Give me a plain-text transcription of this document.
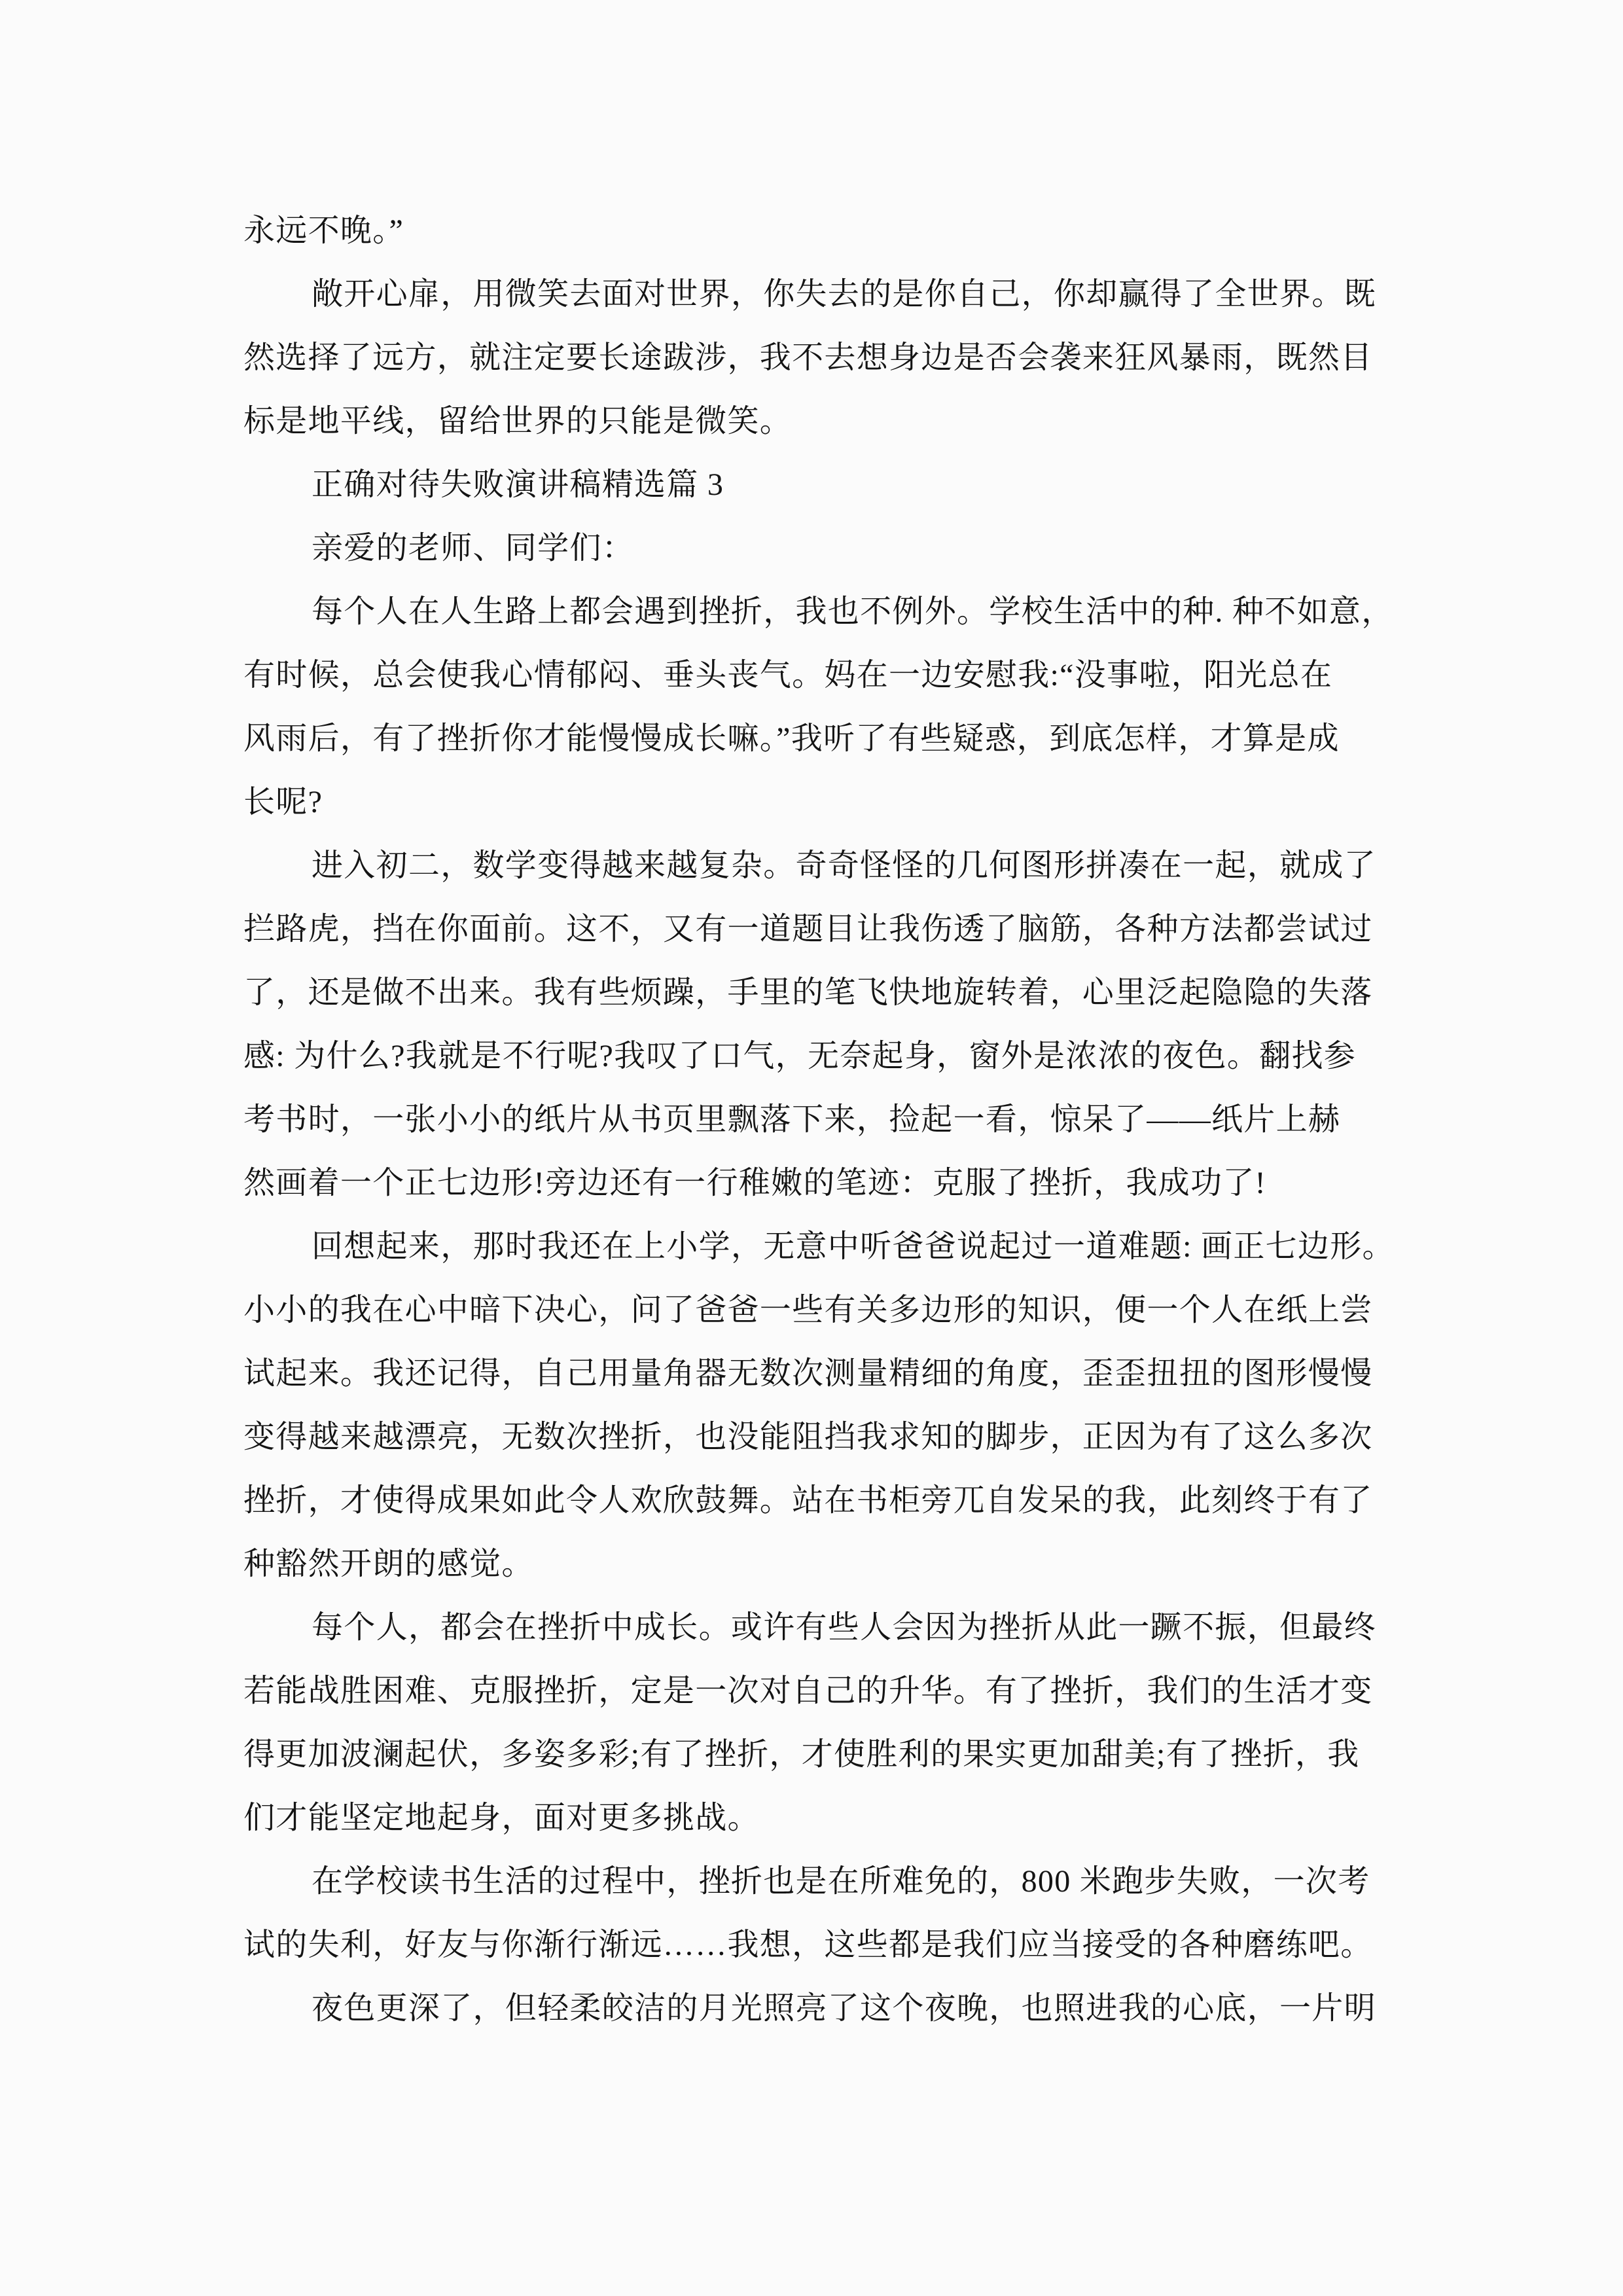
永远不晚。”
敞开心扉，用微笑去面对世界，你失去的是你自己，你却赢得了全世界。既
然选择了远方，就注定要长途跋涉，我不去想身边是否会袭来狂风暴雨，既然目
标是地平线，留给世界的只能是微笑。
正确对待失败演讲稿精选篇 3
亲爱的老师、同学们：
每个人在人生路上都会遇到挫折，我也不例外。学校生活中的种. 种不如意，
有时候，总会使我心情郁闷、垂头丧气。妈在一边安慰我:“没事啦，阳光总在
风雨后，有了挫折你才能慢慢成长嘛。”我听了有些疑惑，到底怎样，才算是成
长呢?
进入初二，数学变得越来越复杂。奇奇怪怪的几何图形拼凑在一起，就成了
拦路虎，挡在你面前。这不，又有一道题目让我伤透了脑筋，各种方法都尝试过
了，还是做不出来。我有些烦躁，手里的笔飞快地旋转着，心里泛起隐隐的失落
感: 为什么?我就是不行呢?我叹了口气，无奈起身，窗外是浓浓的夜色。翻找参
考书时，一张小小的纸片从书页里飘落下来，捡起一看，惊呆了——纸片上赫
然画着一个正七边形!旁边还有一行稚嫩的笔迹：克服了挫折，我成功了!
回想起来，那时我还在上小学，无意中听爸爸说起过一道难题: 画正七边形。
小小的我在心中暗下决心，问了爸爸一些有关多边形的知识，便一个人在纸上尝
试起来。我还记得，自己用量角器无数次测量精细的角度，歪歪扭扭的图形慢慢
变得越来越漂亮，无数次挫折，也没能阻挡我求知的脚步，正因为有了这么多次
挫折，才使得成果如此令人欢欣鼓舞。站在书柜旁兀自发呆的我，此刻终于有了
种豁然开朗的感觉。
每个人，都会在挫折中成长。或许有些人会因为挫折从此一蹶不振，但最终
若能战胜困难、克服挫折，定是一次对自己的升华。有了挫折，我们的生活才变
得更加波澜起伏，多姿多彩;有了挫折，才使胜利的果实更加甜美;有了挫折，我
们才能坚定地起身，面对更多挑战。
在学校读书生活的过程中，挫折也是在所难免的，800 米跑步失败，一次考
试的失利，好友与你渐行渐远……我想，这些都是我们应当接受的各种磨练吧。
夜色更深了，但轻柔皎洁的月光照亮了这个夜晚，也照进我的心底，一片明
